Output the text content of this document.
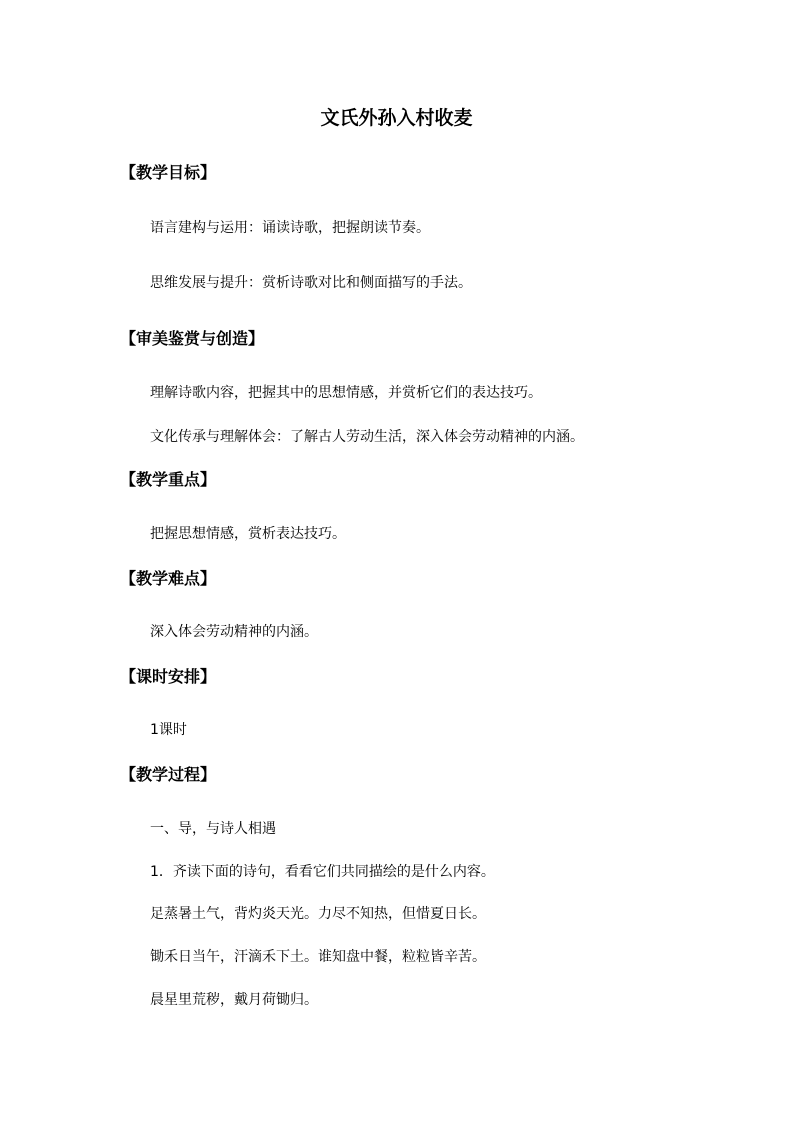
文氏外孙入村收麦
【教学目标】
语言建构与运用：诵读诗歌，把握朗读节奏。
思维发展与提升：赏析诗歌对比和侧面描写的手法。
【审美鉴赏与创造】
理解诗歌内容，把握其中的思想情感，并赏析它们的表达技巧。
文化传承与理解体会：了解古人劳动生活，深入体会劳动精神的内涵。
【教学重点】
把握思想情感，赏析表达技巧。
【教学难点】
深入体会劳动精神的内涵。
【课时安排】
1课时
【教学过程】
一、导，与诗人相遇
1．齐读下面的诗句，看看它们共同描绘的是什么内容。
足蒸暑土气，背灼炎天光。力尽不知热，但惜夏日长。
锄禾日当午，汗滴禾下土。谁知盘中餐，粒粒皆辛苦。
晨星里荒秽，戴月荷锄归。
